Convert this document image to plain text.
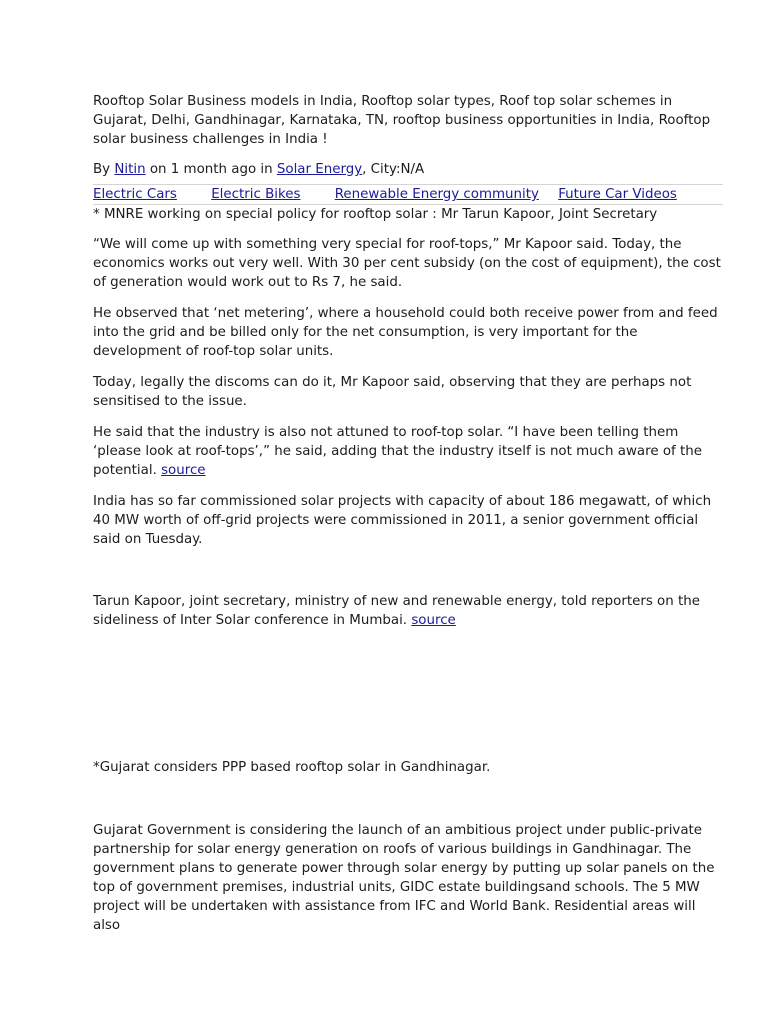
Rooftop Solar Business models in India, Rooftop solar types, Roof top solar schemes in Gujarat, Delhi, Gandhinagar, Karnataka, TN, rooftop business opportunities in India, Rooftop solar business challenges in India !

By Nitin on 1 month ago in Solar Energy, City:N/A

Electric Cars	Electric Bikes	Renewable Energy community Future Car Videos

* MNRE working on special policy for rooftop solar : Mr Tarun Kapoor, Joint Secretary

“We will come up with something very special for roof-tops,” Mr Kapoor said. Today, the economics works out very well. With 30 per cent subsidy (on the cost of equipment), the cost of generation would work out to Rs 7, he said.

He observed that ‘net metering’, where a household could both receive power from and feed into the grid and be billed only for the net consumption, is very important for the development of roof-top solar units.

Today, legally the discoms can do it, Mr Kapoor said, observing that they are perhaps not sensitised to the issue.

He said that the industry is also not attuned to roof-top solar. “I have been telling them ‘please look at roof-tops’,” he said, adding that the industry itself is not much aware of the potential. source

India has so far commissioned solar projects with capacity of about 186 megawatt, of which 40 MW worth of off-grid projects were commissioned in 2011, a senior government official said on Tuesday.

Tarun Kapoor, joint secretary, ministry of new and renewable energy, told reporters on the sideliness of Inter Solar conference in Mumbai. source

*Gujarat considers PPP based rooftop solar in Gandhinagar.

Gujarat Government is considering the launch of an ambitious project under public-private partnership for solar energy generation on roofs of various buildings in Gandhinagar. The government plans to generate power through solar energy by putting up solar panels on the top of government premises, industrial units, GIDC estate buildingsand schools. The 5 MW project will be undertaken with assistance from IFC and World Bank. Residential areas will also
